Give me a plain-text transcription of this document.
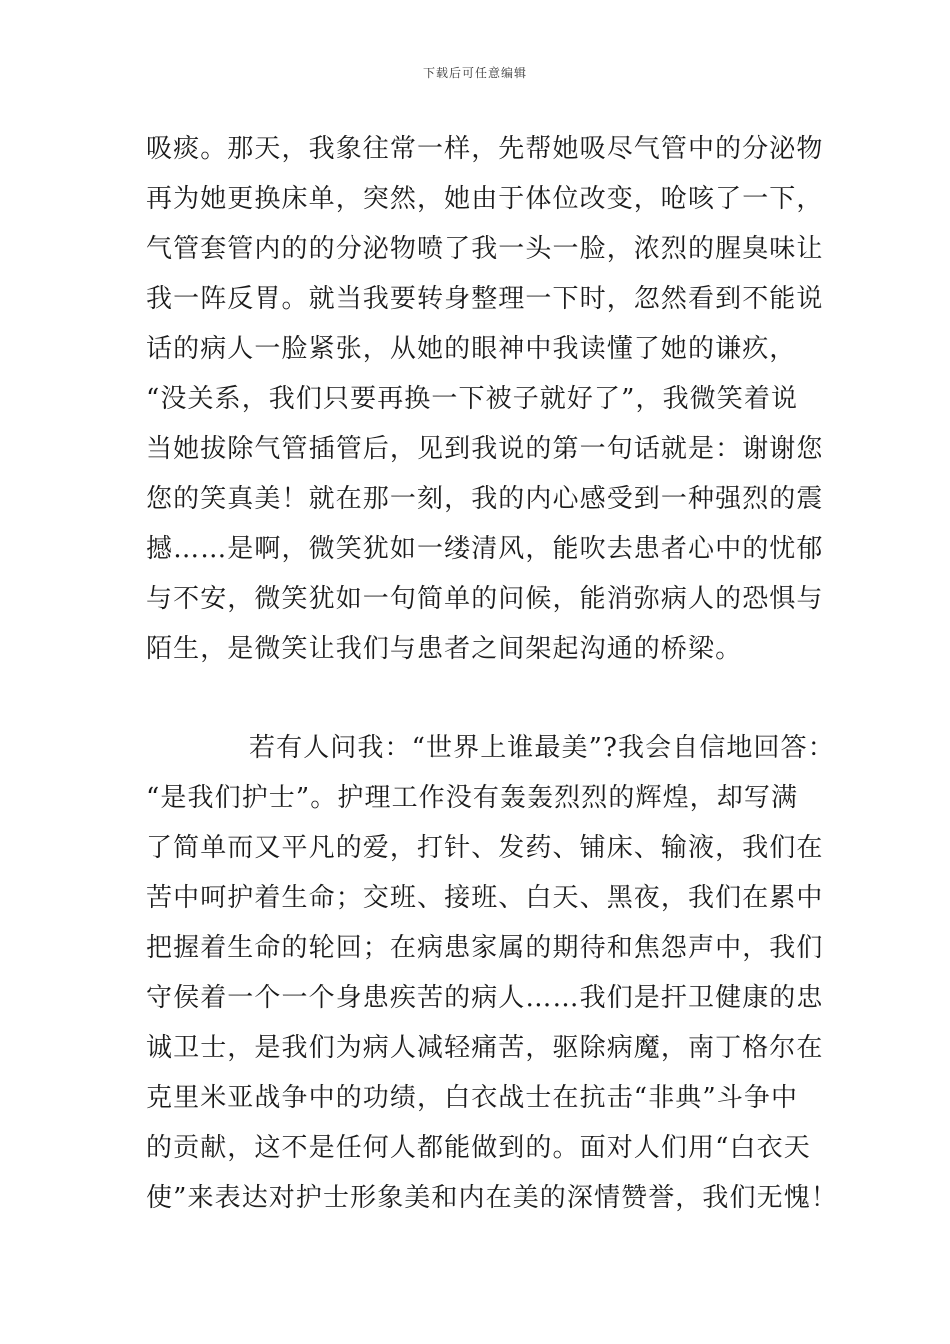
下载后可任意编辑
吸痰。那天，我象往常一样，先帮她吸尽气管中的分泌物
再为她更换床单，突然，她由于体位改变，呛咳了一下，
气管套管内的的分泌物喷了我一头一脸，浓烈的腥臭味让
我一阵反胃。就当我要转身整理一下时，忽然看到不能说
话的病人一脸紧张，从她的眼神中我读懂了她的谦疚，
“没关系，我们只要再换一下被子就好了”，我微笑着说
当她拔除气管插管后，见到我说的第一句话就是：谢谢您
您的笑真美！就在那一刻，我的内心感受到一种强烈的震
撼……是啊，微笑犹如一缕清风，能吹去患者心中的忧郁
与不安，微笑犹如一句简单的问候，能消弥病人的恐惧与
陌生，是微笑让我们与患者之间架起沟通的桥梁。
若有人问我：“世界上谁最美”?我会自信地回答：
“是我们护士”。护理工作没有轰轰烈烈的辉煌，却写满
了简单而又平凡的爱，打针、发药、铺床、输液，我们在
苦中呵护着生命；交班、接班、白天、黑夜，我们在累中
把握着生命的轮回；在病患家属的期待和焦怨声中，我们
守侯着一个一个身患疾苦的病人……我们是扞卫健康的忠
诚卫士，是我们为病人减轻痛苦，驱除病魔，南丁格尔在
克里米亚战争中的功绩，白衣战士在抗击“非典”斗争中
的贡献，这不是任何人都能做到的。面对人们用“白衣天
使”来表达对护士形象美和内在美的深情赞誉，我们无愧！
